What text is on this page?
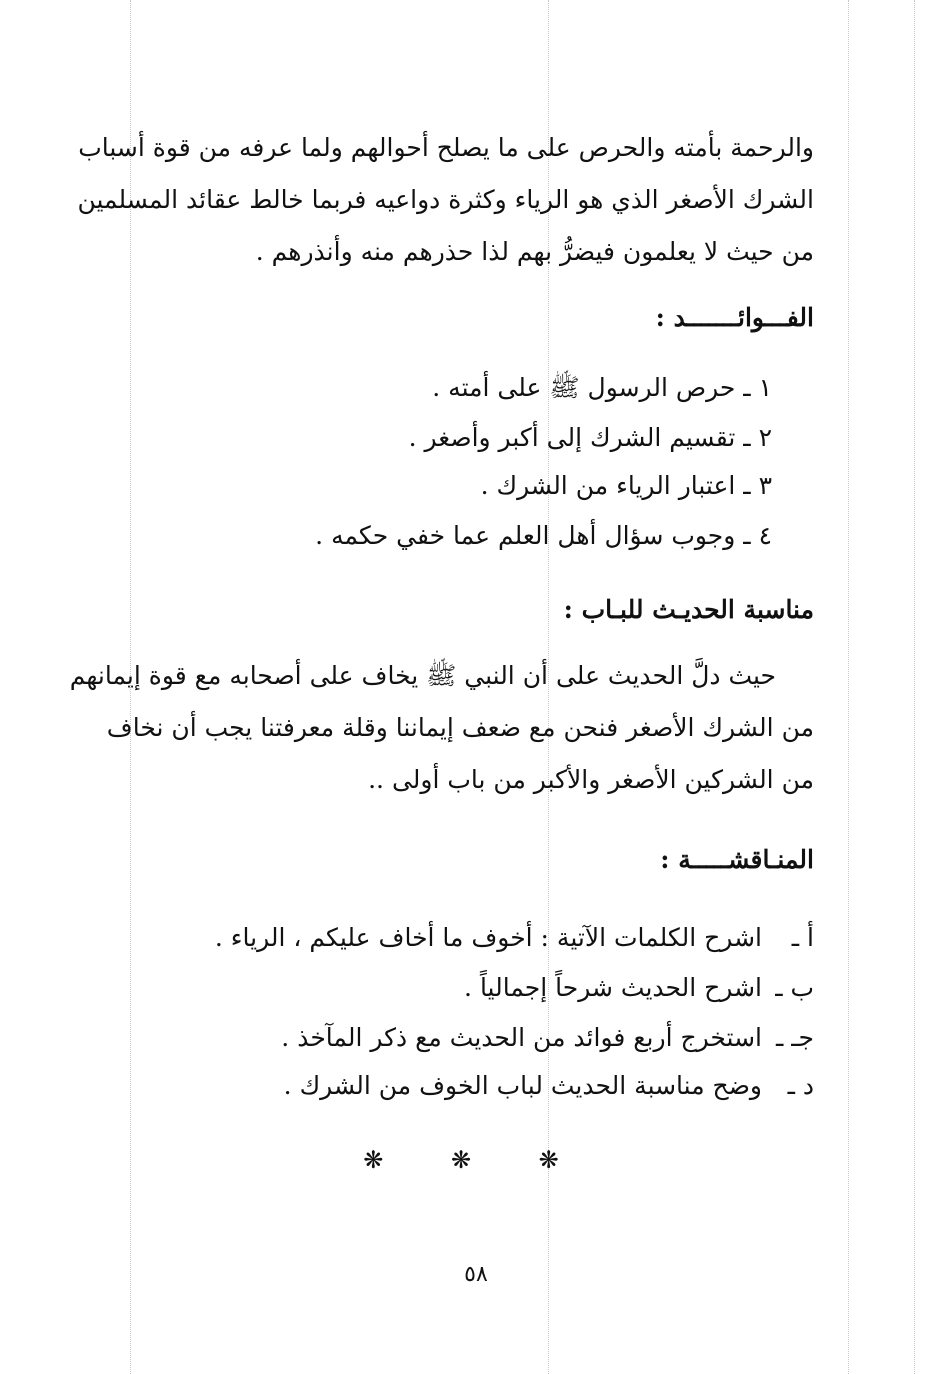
والرحمة بأمته والحرص على ما يصلح أحوالهم ولما عرفه من قوة أسباب
الشرك الأصغر الذي هو الرياء وكثرة دواعيه فربما خالط عقائد المسلمين
من حيث لا يعلمون فيضرُّ بهم لذا حذرهم منه وأنذرهم .
الفـــوائـــــــد :
١ ـ حرص الرسول ﷺ على أمته .
٢ ـ تقسيم الشرك إلى أكبر وأصغر .
٣ ـ اعتبار الرياء من الشرك .
٤ ـ وجوب سؤال أهل العلم عما خفي حكمه .
مناسبة الحديـث للبـاب :
حيث دلَّ الحديث على أن النبي ﷺ يخاف على أصحابه مع قوة إيمانهم
من الشرك الأصغر فنحن مع ضعف إيماننا وقلة معرفتنا يجب أن نخاف
من الشركين الأصغر والأكبر من باب أولى ..
المنـاقشـــــة :
أ ـاشرح الكلمات الآتية : أخوف ما أخاف عليكم ، الرياء .
ب ـاشرح الحديث شرحاً إجمالياً .
جـ ـاستخرج أربع فوائد من الحديث مع ذكر المآخذ .
د ـوضح مناسبة الحديث لباب الخوف من الشرك .
❋ ❋ ❋
٥٨
